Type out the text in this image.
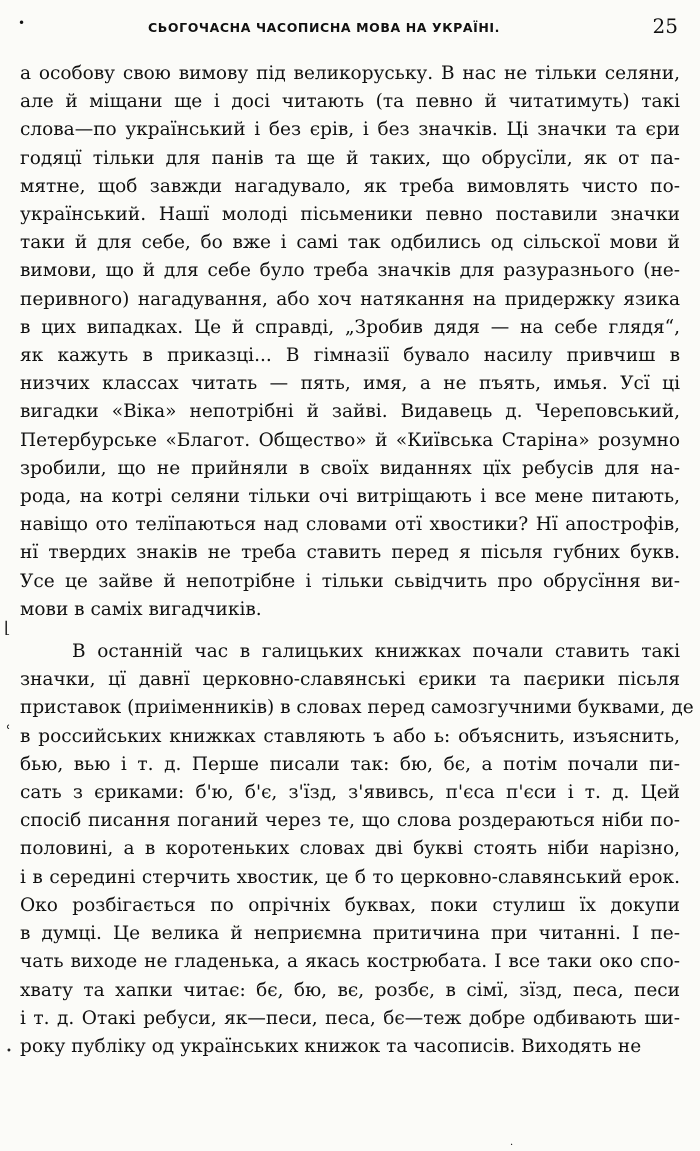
•	СЬОГОЧАСНА ЧАСОПИСНА МОВА НА УКРАЇНІ.	25
а особову свою вимову під великоруську. В нас не тільки селяни,
але й міщани ще і досі читають (та певно й читатимуть) такі
слова—по український і без єрів, і без значків. Ці значки та єри
годяцї тільки для панів та ще й таких, що обрусїли, як от па-
мятне, щоб завжди нагадувало, як треба вимовлять чисто по-
український. Нашї молоді пісьменики певно поставили значки
таки й для себе, бо вже і самі так одбились од сільскої мови й
вимови, що й для себе було треба значків для разуразнього (не-
перивного) нагадування, або хоч натякання на придержку язика
в цих випадках. Це й справді, „Зробив дядя — на себе глядя“,
як кажуть в приказці... В гімназії бувало насилу привчиш в
низчих классах читать — пять, имя, а не пъять, имья. Усї ці
вигадки «Віка» непотрібні й зайві. Видавець д. Череповський,
Петербурське «Благот. Общество» й «Київська Старіна» розумно
зробили, що не прийняли в своїх виданнях цїх ребусів для на-
рода, на котрі селяни тільки очі витріщають і все мене питають,
навіщо ото телїпаються над словами отї хвостики? Нї апострофів,
нї твердих знаків не треба ставить перед я пісьля губних букв.
Усе це зайве й непотрібне і тільки сьвідчить про обрусїння ви-
мови в саміх вигадчиків.
В останній час в галицьких книжках почали ставить такі
значки, цї давнї церковно-славянські єрики та паєрики пісьля
приставок (приіменників) в словах перед самозгучними буквами, де
в российських книжках ставляють ъ або ь: объяснить, изъяснить,
бью, вью і т. д. Перше писали так: бю, бє, а потім почали пи-
сать з єриками: б'ю, б'є, з'їзд, з'явивсь, п'єса п'єси і т. д. Цей
спосіб писання поганий через те, що слова роздераються ніби по-
половині, а в коротеньких словах дві букві стоять ніби нарізно,
і в середині стерчить хвостик, це б то церковно-славянський ерок.
Око розбігається по опрічніх буквах, поки стулиш їх докупи
в думці. Це велика й неприємна притичина при читанні. І пе-
чать виходе не гладенька, а якась кострюбата. І все таки око спо-
хвату та хапки читає: бє, бю, вє, розбє, в сімї, зїзд, песа, песи
і т. д. Отакі ребуси, як—песи, песа, бє—теж добре одбивають ши-
року публіку од українських книжок та часописів. Виходять не
⌊
ʿ
•
·
